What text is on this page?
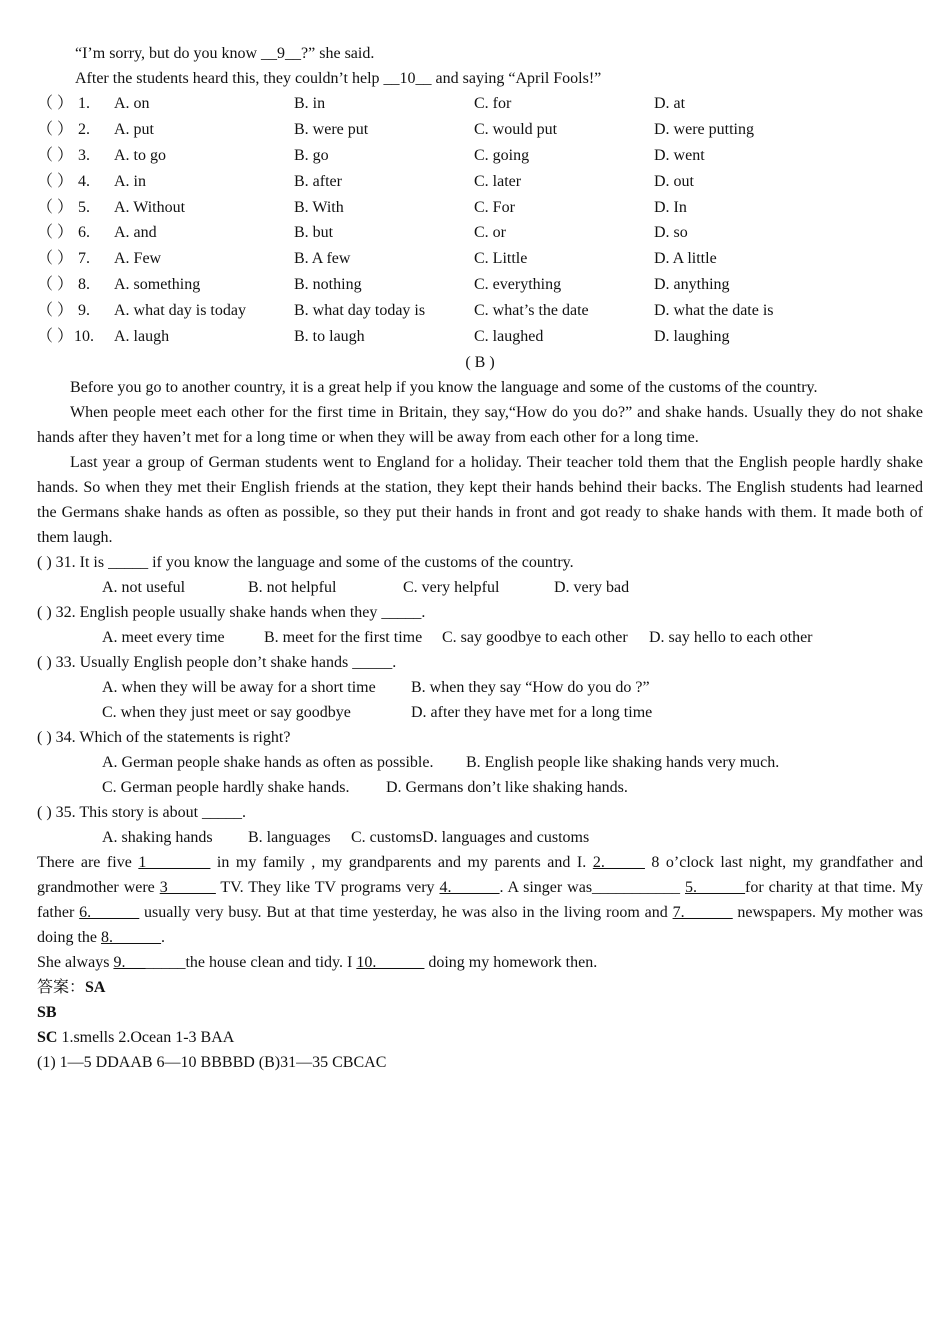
“I’m sorry, but do you know __9__?” she said.
After the students heard this, they couldn’t help __10__ and saying “April Fools!”
（ ） 1. A. on	B. in	C. for	D. at
（ ） 2. A. put	B. were put	C. would put	D. were putting
（ ） 3. A. to go	B. go	C. going	D. went
（ ） 4. A. in	B. after	C. later	D. out
（ ） 5. A. Without	B. With	C. For	D. In
（ ） 6. A. and	B. but	C. or	D. so
（ ） 7. A. Few	B. A few	C. Little	D. A little
（ ） 8. A. something	B. nothing	C. everything	D. anything
（ ） 9. A. what day is today	B. what day today is	C. what’s the date	D. what the date is
（ ） 10. A. laugh	B. to laugh	C. laughed	D. laughing
( B )
Before you go to another country, it is a great help if you know the language and some of the customs of the country.
When people meet each other for the first time in Britain, they say,“How do you do?” and shake hands. Usually they do not shake hands after they haven’t met for a long time or when they will be away from each other for a long time.
Last year a group of German students went to England for a holiday. Their teacher told them that the English people hardly shake hands. So when they met their English friends at the station, they kept their hands behind their backs. The English students had learned the Germans shake hands as often as possible, so they put their hands in front and got ready to shake hands with them. It made both of them laugh.
( ) 31. It is _____ if you know the language and some of the customs of the country.
A. not useful	B. not helpful	C. very helpful	D. very bad
( ) 32. English people usually shake hands when they _____.
A. meet every time B. meet for the first time C. say goodbye to each other D. say hello to each other
( ) 33. Usually English people don’t shake hands _____.
A. when they will be away for a short time B. when they say “How do you do ?”
C. when they just meet or say goodbye	D. after they have met for a long time
( ) 34. Which of the statements is right?
A. German people shake hands as often as possible. B. English people like shaking hands very much.
C. German people hardly shake hands. D. Germans don’t like shaking hands.
( ) 35. This story is about _____.
A. shaking hands B. languages C. customsD. languages and customs
There are five 1________ in my family , my grandparents and my parents and I. 2._____ 8 o’clock last night, my grandfather and grandmother were 3______ TV. They like TV programs very 4.______. A singer was___________ 5.______for charity at that time. My father 6.______ usually very busy. But at that time yesterday, he was also in the living room and 7.______ newspapers. My mother was doing the 8.______.
She always 9. _______the house clean and tidy. I 10.______ doing my homework then.
答案：SA
SB
SC 1.smells 2.Ocean 1-3 BAA
(1) 1—5 DDAAB 6—10 BBBBD (B)31—35 CBCAC
